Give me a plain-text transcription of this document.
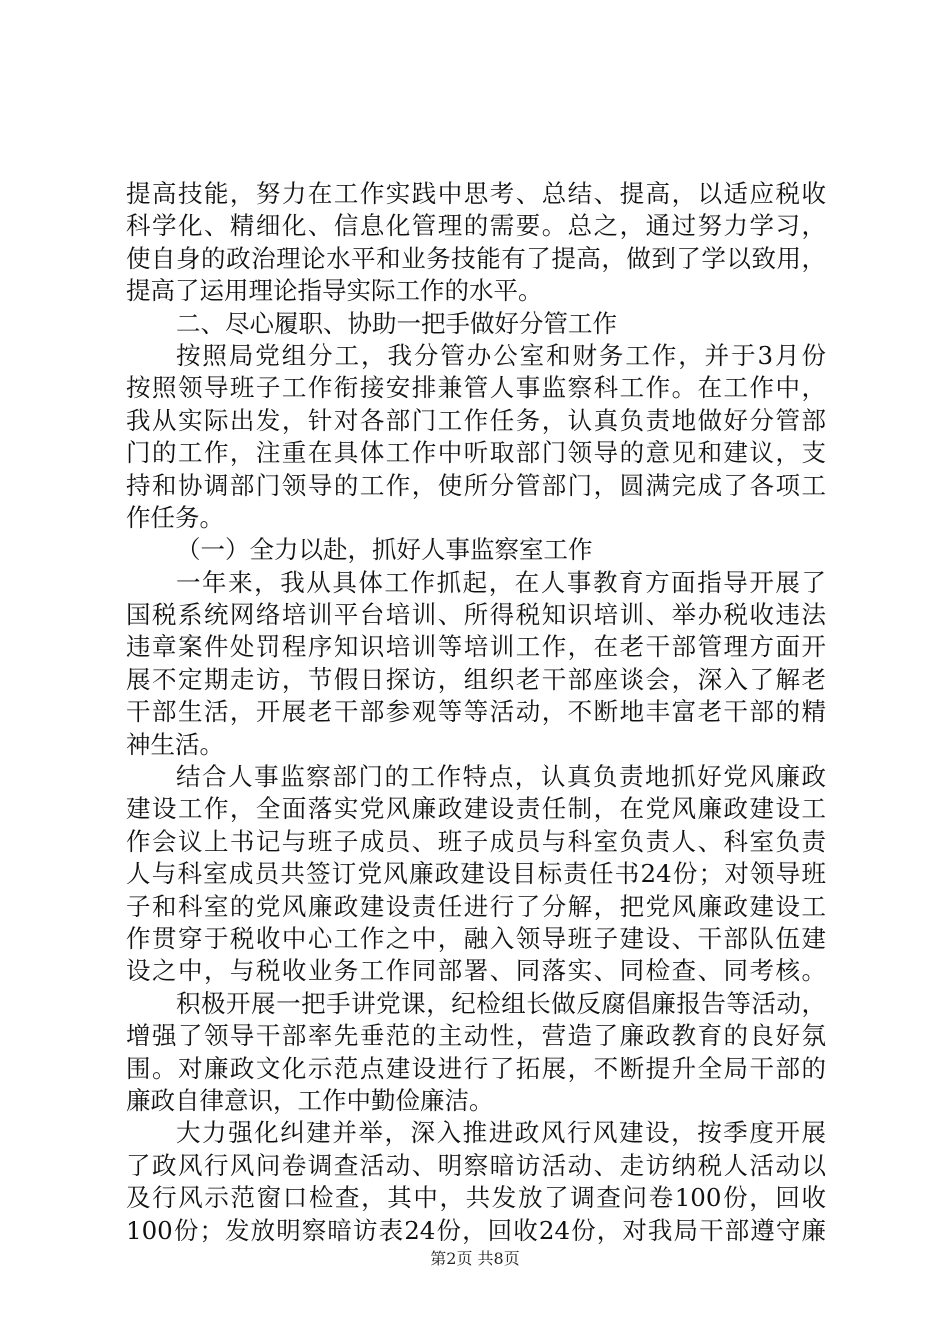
提高技能，努力在工作实践中思考、总结、提高，以适应税收
科学化、精细化、信息化管理的需要。总之，通过努力学习，
使自身的政治理论水平和业务技能有了提高，做到了学以致用，
提高了运用理论指导实际工作的水平。
二、尽心履职、协助一把手做好分管工作
按照局党组分工，我分管办公室和财务工作，并于3月份
按照领导班子工作衔接安排兼管人事监察科工作。在工作中，
我从实际出发，针对各部门工作任务，认真负责地做好分管部
门的工作，注重在具体工作中听取部门领导的意见和建议，支
持和协调部门领导的工作，使所分管部门，圆满完成了各项工
作任务。
（一）全力以赴，抓好人事监察室工作
一年来，我从具体工作抓起，在人事教育方面指导开展了
国税系统网络培训平台培训、所得税知识培训、举办税收违法
违章案件处罚程序知识培训等培训工作，在老干部管理方面开
展不定期走访，节假日探访，组织老干部座谈会，深入了解老
干部生活，开展老干部参观等等活动，不断地丰富老干部的精
神生活。
结合人事监察部门的工作特点，认真负责地抓好党风廉政
建设工作，全面落实党风廉政建设责任制，在党风廉政建设工
作会议上书记与班子成员、班子成员与科室负责人、科室负责
人与科室成员共签订党风廉政建设目标责任书24份；对领导班
子和科室的党风廉政建设责任进行了分解，把党风廉政建设工
作贯穿于税收中心工作之中，融入领导班子建设、干部队伍建
设之中，与税收业务工作同部署、同落实、同检查、同考核。
积极开展一把手讲党课，纪检组长做反腐倡廉报告等活动，
增强了领导干部率先垂范的主动性，营造了廉政教育的良好氛
围。对廉政文化示范点建设进行了拓展，不断提升全局干部的
廉政自律意识，工作中勤俭廉洁。
大力强化纠建并举，深入推进政风行风建设，按季度开展
了政风行风问卷调查活动、明察暗访活动、走访纳税人活动以
及行风示范窗口检查，其中，共发放了调查问卷100份，回收
100份；发放明察暗访表24份，回收24份，对我局干部遵守廉
第2页 共8页
